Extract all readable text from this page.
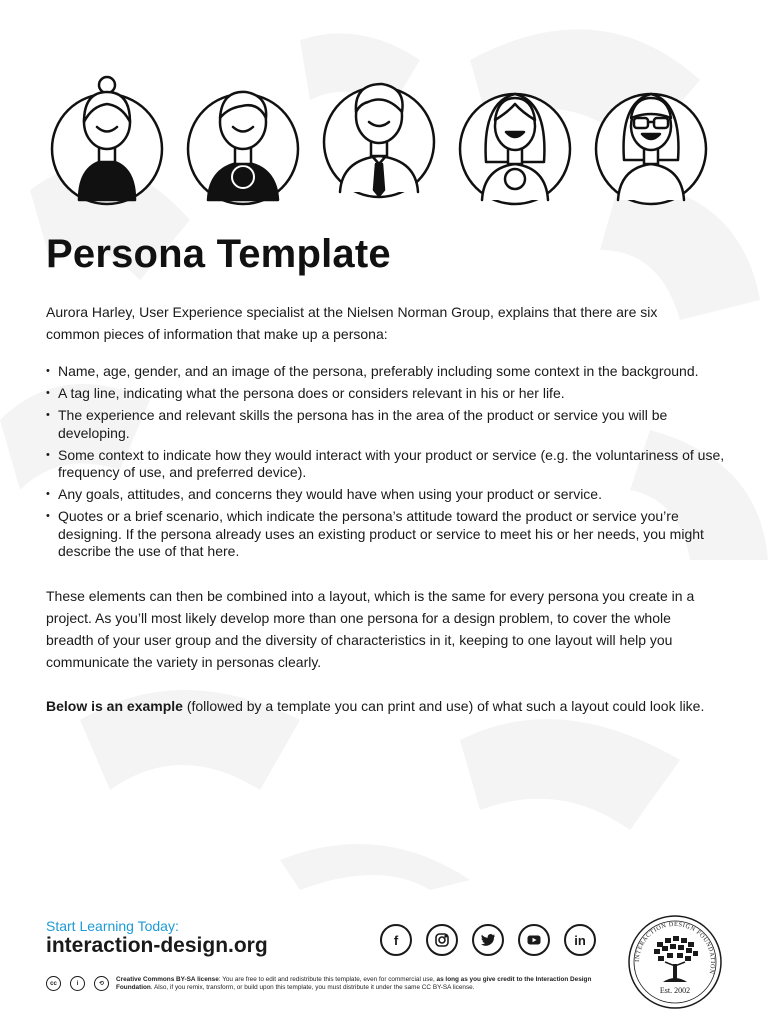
Persona Template

Aurora Harley, User Experience specialist at the Nielsen Norman Group, explains that there are six common pieces of information that make up a persona:

• Name, age, gender, and an image of the persona, preferably including some context in the background.
• A tag line, indicating what the persona does or considers relevant in his or her life.
• The experience and relevant skills the persona has in the area of the product or service you will be developing.
• Some context to indicate how they would interact with your product or service (e.g. the voluntariness of use, frequency of use, and preferred device).
• Any goals, attitudes, and concerns they would have when using your product or service.
• Quotes or a brief scenario, which indicate the persona’s attitude toward the product or service you’re designing. If the persona already uses an existing product or service to meet his or her needs, you might describe the use of that here.

These elements can then be combined into a layout, which is the same for every persona you create in a project. As you’ll most likely develop more than one persona for a design problem, to cover the whole breadth of your user group and the diversity of characteristics in it, keeping to one layout will help you communicate the variety in personas clearly.

Below is an example (followed by a template you can print and use) of what such a layout could look like.

Start Learning Today:
interaction-design.org	f	in
cc	i	⟲
Creative Commons BY-SA license: You are free to edit and redistribute this template, even for commercial use, as long as you give credit to the Interaction Design Foundation. Also, if you remix, transform, or build upon this template, you must distribute it under the same CC BY-SA license.
INTERACTION DESIGN FOUNDATION
Est. 2002
